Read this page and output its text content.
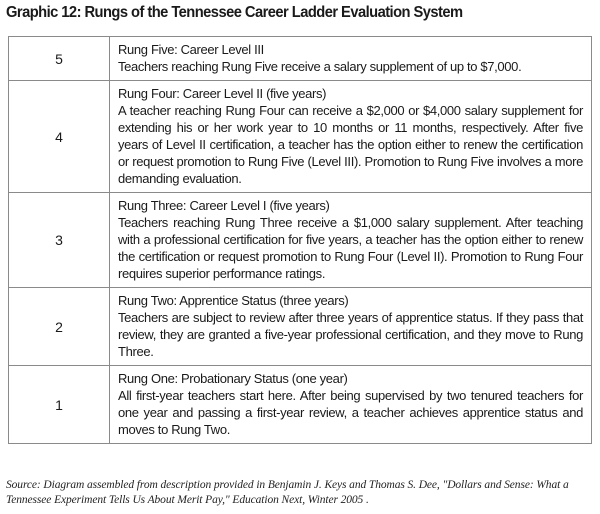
Graphic 12: Rungs of the Tennessee Career Ladder Evaluation System
5	Rung Five: Career Level III
Teachers reaching Rung Five receive a salary supplement of up to $7,000.

4	Rung Four: Career Level II (five years)
A teacher reaching Rung Four can receive a $2,000 or $4,000 salary supplement for extending his or her work year to 10 months or 11 months, respectively. After five years of Level II certification, a teacher has the option either to renew the certification or request promotion to Rung Five (Level III). Promotion to Rung Five involves a more demanding evaluation.

3	Rung Three: Career Level I (five years)
Teachers reaching Rung Three receive a $1,000 salary supplement. After teaching with a professional certification for five years, a teacher has the option either to renew the certification or request promotion to Rung Four (Level II). Promotion to Rung Four requires superior performance ratings.

2	Rung Two: Apprentice Status (three years)
Teachers are subject to review after three years of apprentice status. If they pass that review, they are granted a five-year professional certification, and they move to Rung Three.

1	Rung One: Probationary Status (one year)
All first-year teachers start here. After being supervised by two tenured teachers for one year and passing a first-year review, a teacher achieves apprentice status and moves to Rung Two.
Source: Diagram assembled from description provided in Benjamin J. Keys and Thomas S. Dee, "Dollars and Sense: What a Tennessee Experiment Tells Us About Merit Pay," Education Next, Winter 2005 .
